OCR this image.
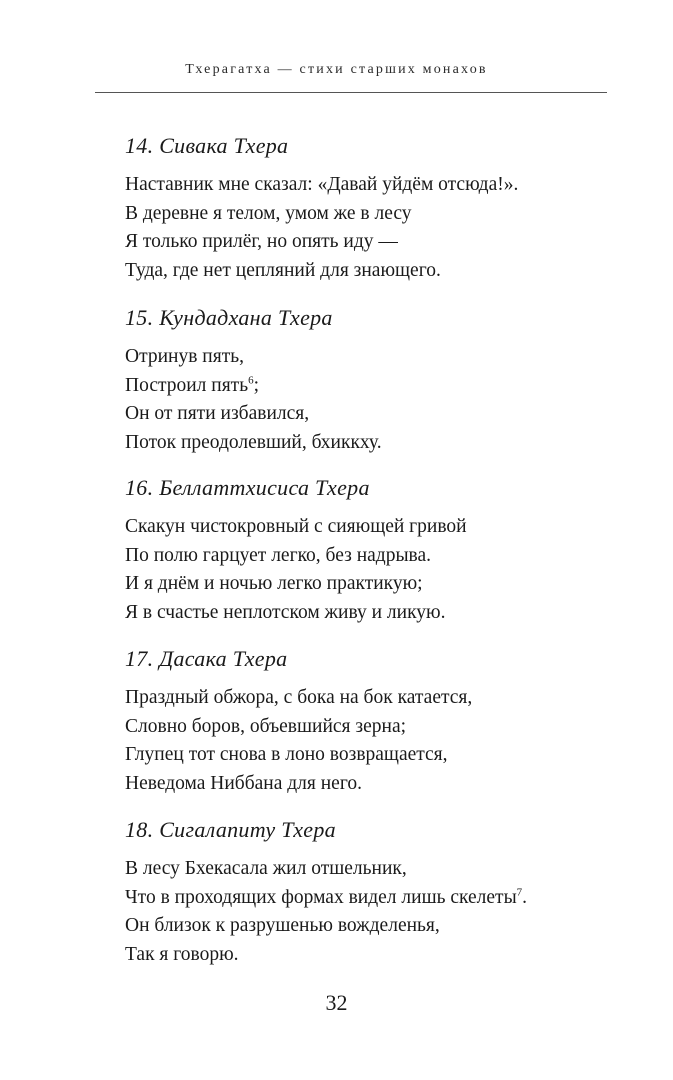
Тхерагатха — стихи старших монахов
14. Сивака Тхера
Наставник мне сказал: «Давай уйдём отсюда!».
В деревне я телом, умом же в лесу
Я только прилёг, но опять иду —
Туда, где нет цепляний для знающего.
15. Кундадхана Тхера
Отринув пять,
Построил пять$^6$;
Он от пяти избавился,
Поток преодолевший, бхиккху.
16. Беллаттхисиса Тхера
Скакун чистокровный с сияющей гривой
По полю гарцует легко, без надрыва.
И я днём и ночью легко практикую;
Я в счастье неплотском живу и ликую.
17. Дасака Тхера
Праздный обжора, с бока на бок катается,
Словно боров, объевшийся зерна;
Глупец тот снова в лоно возвращается,
Неведома Ниббана для него.
18. Сигалапиту Тхера
В лесу Бхекасала жил отшельник,
Что в проходящих формах видел лишь скелеты$^7$.
Он близок к разрушенью вожделенья,
Так я говорю.
32
